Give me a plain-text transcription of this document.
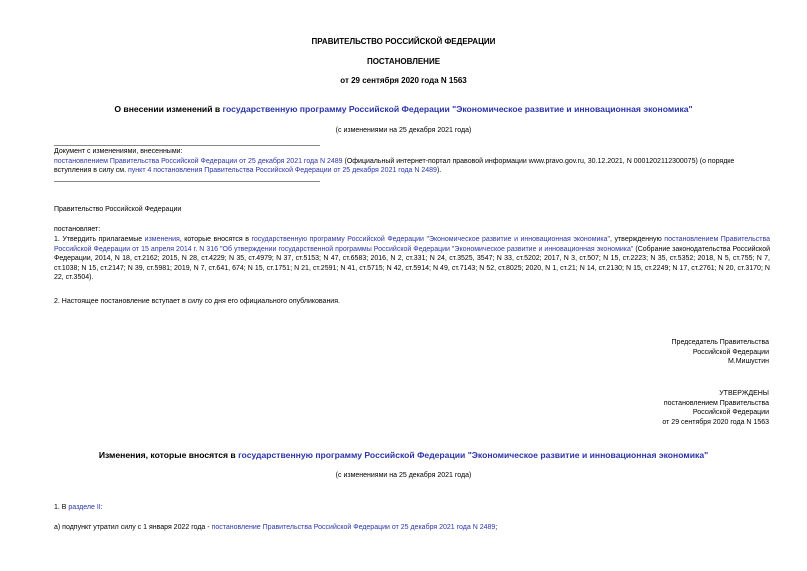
ПРАВИТЕЛЬСТВО РОССИЙСКОЙ ФЕДЕРАЦИИ
ПОСТАНОВЛЕНИЕ
от 29 сентября 2020 года N 1563
О внесении изменений в государственную программу Российской Федерации "Экономическое развитие и инновационная экономика"
(с изменениями на 25 декабря 2021 года)
Документ с изменениями, внесенными:
постановлением Правительства Российской Федерации от 25 декабря 2021 года N 2489 (Официальный интернет-портал правовой информации www.pravo.gov.ru, 30.12.2021, N 0001202112300075) (о порядке вступления в силу см. пункт 4 постановления Правительства Российской Федерации от 25 декабря 2021 года N 2489).
Правительство Российской Федерации
постановляет:
1. Утвердить прилагаемые изменения, которые вносятся в государственную программу Российской Федерации "Экономическое развитие и инновационная экономика", утвержденную постановлением Правительства Российской Федерации от 15 апреля 2014 г. N 316 "Об утверждении государственной программы Российской Федерации "Экономическое развитие и инновационная экономика" (Собрание законодательства Российской Федерации, 2014, N 18, ст.2162; 2015, N 28, ст.4229; N 35, ст.4979; N 37, ст.5153; N 47, ст.6583; 2016, N 2, ст.331; N 24, ст.3525, 3547; N 33, ст.5202; 2017, N 3, ст.507; N 15, ст.2223; N 35, ст.5352; 2018, N 5, ст.755; N 7, ст.1038; N 15, ст.2147; N 39, ст.5981; 2019, N 7, ст.641, 674; N 15, ст.1751; N 21, ст.2591; N 41, ст.5715; N 42, ст.5914; N 49, ст.7143; N 52, ст.8025; 2020, N 1, ст.21; N 14, ст.2130; N 15, ст.2249; N 17, ст.2761; N 20, ст.3170; N 22, ст.3504).
2. Настоящее постановление вступает в силу со дня его официального опубликования.
Председатель Правительства
Российской Федерации
М.Мишустин
УТВЕРЖДЕНЫ
постановлением Правительства
Российской Федерации
от 29 сентября 2020 года N 1563
Изменения, которые вносятся в государственную программу Российской Федерации "Экономическое развитие и инновационная экономика"
(с изменениями на 25 декабря 2021 года)
1. В разделе II:
а) подпункт утратил силу с 1 января 2022 года - постановление Правительства Российской Федерации от 25 декабря 2021 года N 2489;
